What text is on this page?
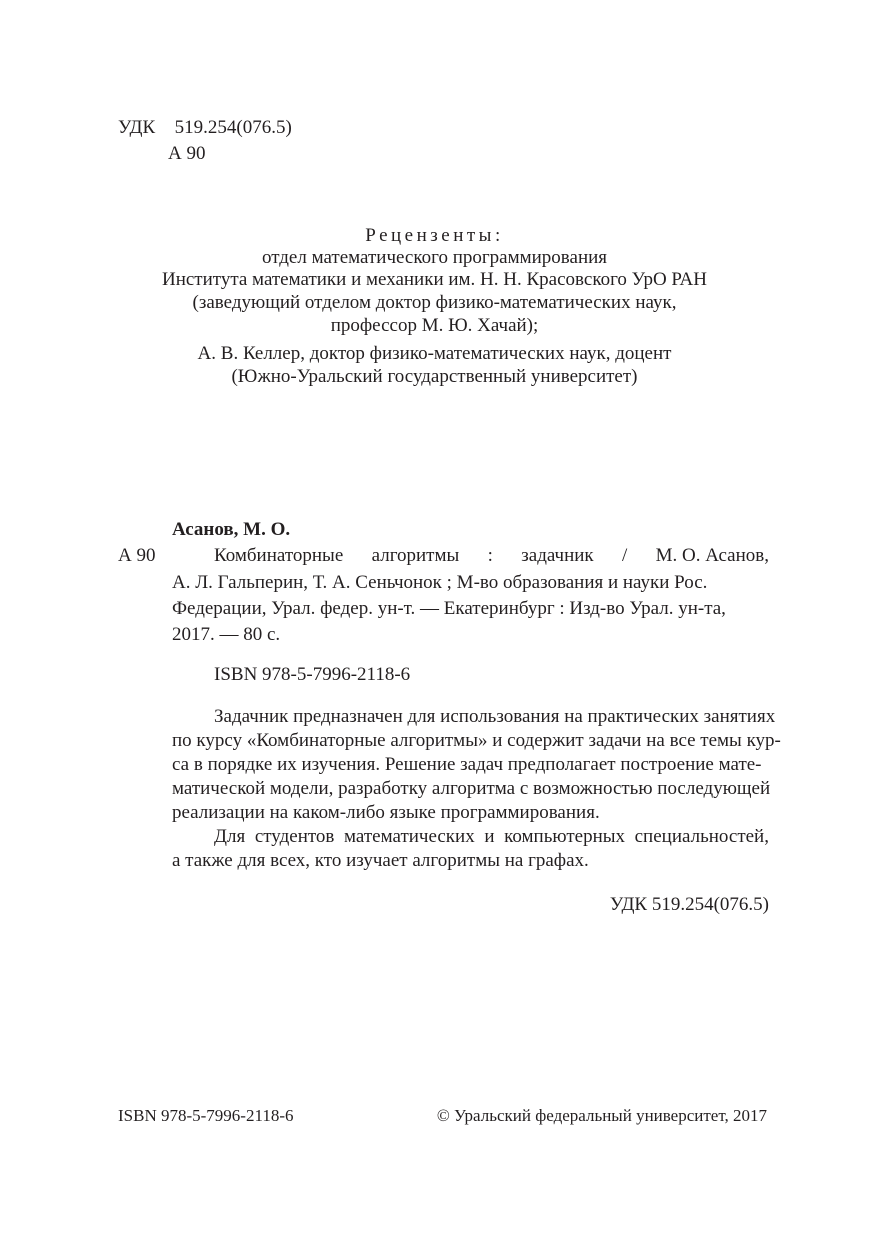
УДК 519.254(076.5)
А 90
Рецензенты:
отдел математического программирования
Института математики и механики им. Н. Н. Красовского УрО РАН
(заведующий отделом доктор физико-математических наук,
профессор М. Ю. Хачай);
А. В. Келлер, доктор физико-математических наук, доцент
(Южно-Уральский государственный университет)
Асанов, М. О.
А 90	Комбинаторные алгоритмы : задачник / М. О. Асанов,
А. Л. Гальперин, Т. А. Сеньчонок ; М-во образования и науки Рос.
Федерации, Урал. федер. ун-т. — Екатеринбург : Изд-во Урал. ун-та,
2017. — 80 с.
ISBN 978-5-7996-2118-6
Задачник предназначен для использования на практических занятиях
по курсу «Комбинаторные алгоритмы» и содержит задачи на все темы кур-
са в порядке их изучения. Решение задач предполагает построение мате-
матической модели, разработку алгоритма с возможностью последующей
реализации на каком-либо языке программирования.
Для студентов математических и компьютерных специальностей,
а также для всех, кто изучает алгоритмы на графах.
УДК 519.254(076.5)
ISBN 978-5-7996-2118-6	© Уральский федеральный университет, 2017
